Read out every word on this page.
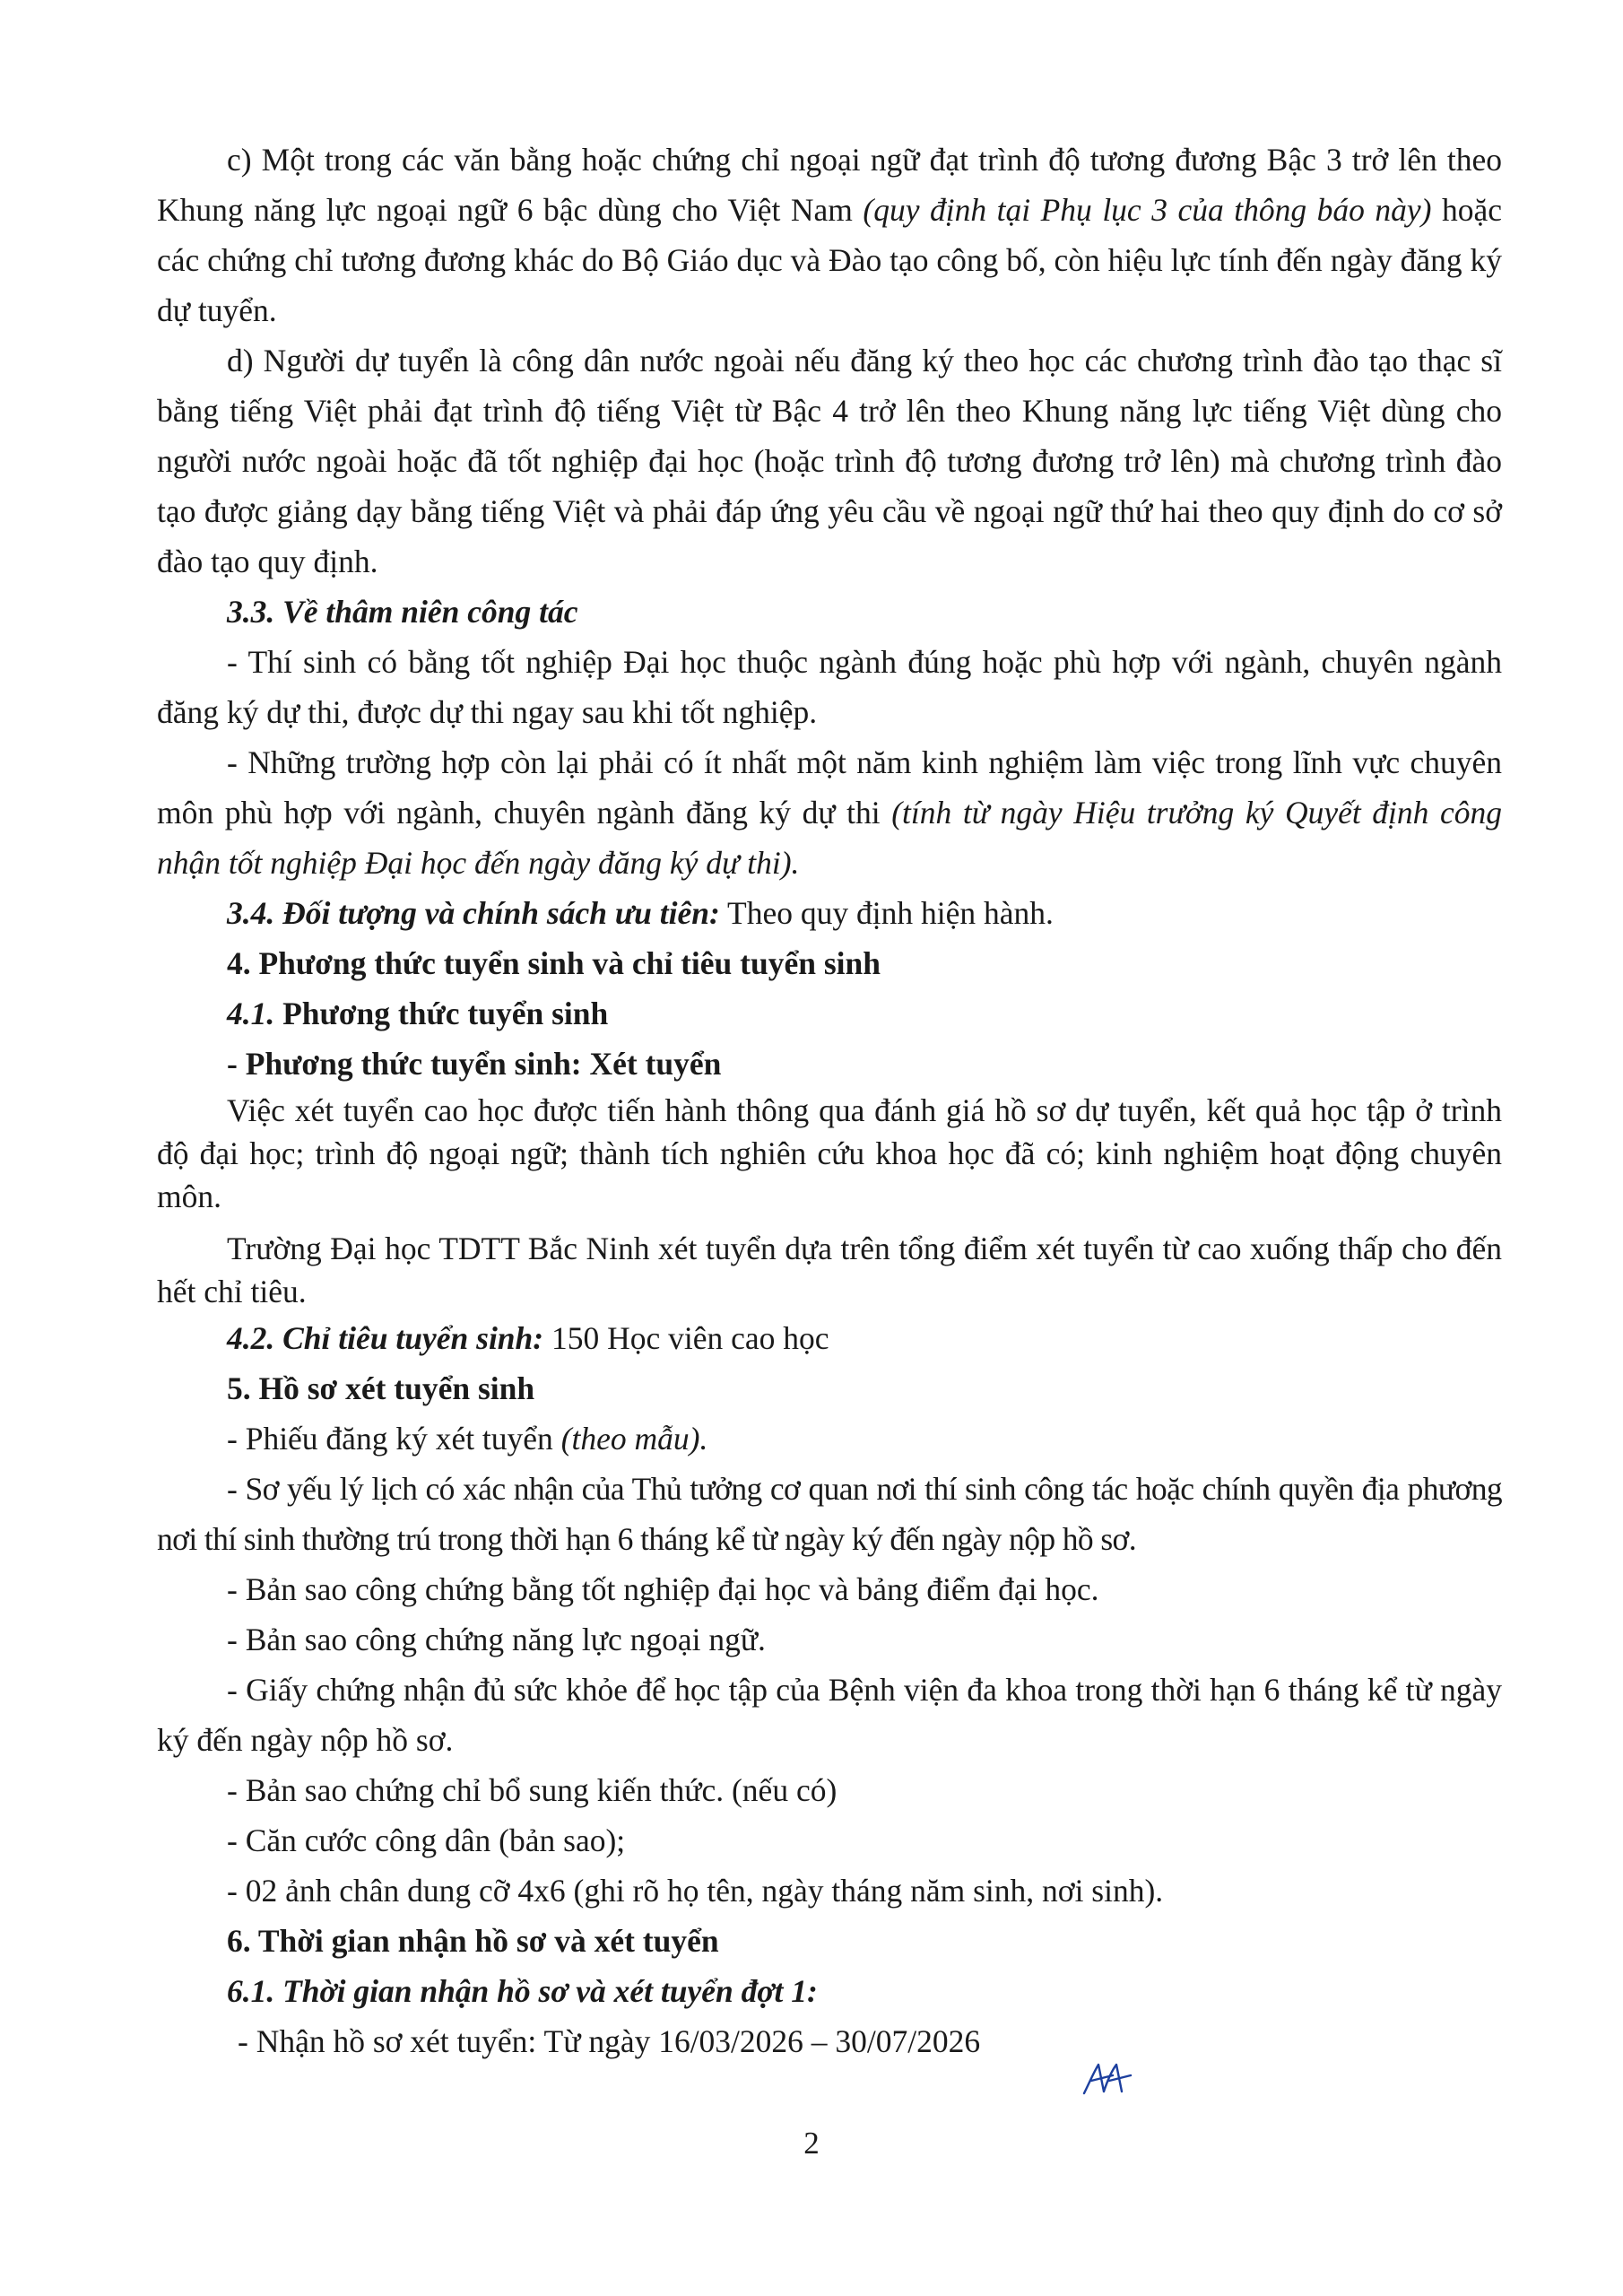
c) Một trong các văn bằng hoặc chứng chỉ ngoại ngữ đạt trình độ tương đương Bậc 3 trở lên theo Khung năng lực ngoại ngữ 6 bậc dùng cho Việt Nam (quy định tại Phụ lục 3 của thông báo này) hoặc các chứng chỉ tương đương khác do Bộ Giáo dục và Đào tạo công bố, còn hiệu lực tính đến ngày đăng ký dự tuyển.

d) Người dự tuyển là công dân nước ngoài nếu đăng ký theo học các chương trình đào tạo thạc sĩ bằng tiếng Việt phải đạt trình độ tiếng Việt từ Bậc 4 trở lên theo Khung năng lực tiếng Việt dùng cho người nước ngoài hoặc đã tốt nghiệp đại học (hoặc trình độ tương đương trở lên) mà chương trình đào tạo được giảng dạy bằng tiếng Việt và phải đáp ứng yêu cầu về ngoại ngữ thứ hai theo quy định do cơ sở đào tạo quy định.

3.3. Về thâm niên công tác

- Thí sinh có bằng tốt nghiệp Đại học thuộc ngành đúng hoặc phù hợp với ngành, chuyên ngành đăng ký dự thi, được dự thi ngay sau khi tốt nghiệp.

- Những trường hợp còn lại phải có ít nhất một năm kinh nghiệm làm việc trong lĩnh vực chuyên môn phù hợp với ngành, chuyên ngành đăng ký dự thi (tính từ ngày Hiệu trưởng ký Quyết định công nhận tốt nghiệp Đại học đến ngày đăng ký dự thi).

3.4. Đối tượng và chính sách ưu tiên: Theo quy định hiện hành.

4. Phương thức tuyển sinh và chỉ tiêu tuyển sinh

4.1. Phương thức tuyển sinh

- Phương thức tuyển sinh: Xét tuyển

Việc xét tuyển cao học được tiến hành thông qua đánh giá hồ sơ dự tuyển, kết quả học tập ở trình độ đại học; trình độ ngoại ngữ; thành tích nghiên cứu khoa học đã có; kinh nghiệm hoạt động chuyên môn.

Trường Đại học TDTT Bắc Ninh xét tuyển dựa trên tổng điểm xét tuyển từ cao xuống thấp cho đến hết chỉ tiêu.

4.2. Chỉ tiêu tuyển sinh: 150 Học viên cao học

5. Hồ sơ xét tuyển sinh

- Phiếu đăng ký xét tuyển (theo mẫu).

- Sơ yếu lý lịch có xác nhận của Thủ tưởng cơ quan nơi thí sinh công tác hoặc chính quyền địa phương nơi thí sinh thường trú trong thời hạn 6 tháng kể từ ngày ký đến ngày nộp hồ sơ.

- Bản sao công chứng bằng tốt nghiệp đại học và bảng điểm đại học.

- Bản sao công chứng năng lực ngoại ngữ.

- Giấy chứng nhận đủ sức khỏe để học tập của Bệnh viện đa khoa trong thời hạn 6 tháng kể từ ngày ký đến ngày nộp hồ sơ.

- Bản sao chứng chỉ bổ sung kiến thức. (nếu có)

- Căn cước công dân (bản sao);

- 02 ảnh chân dung cỡ 4x6 (ghi rõ họ tên, ngày tháng năm sinh, nơi sinh).

6. Thời gian nhận hồ sơ và xét tuyển

6.1. Thời gian nhận hồ sơ và xét tuyển đợt 1:

- Nhận hồ sơ xét tuyển: Từ ngày 16/03/2026 – 30/07/2026

2
